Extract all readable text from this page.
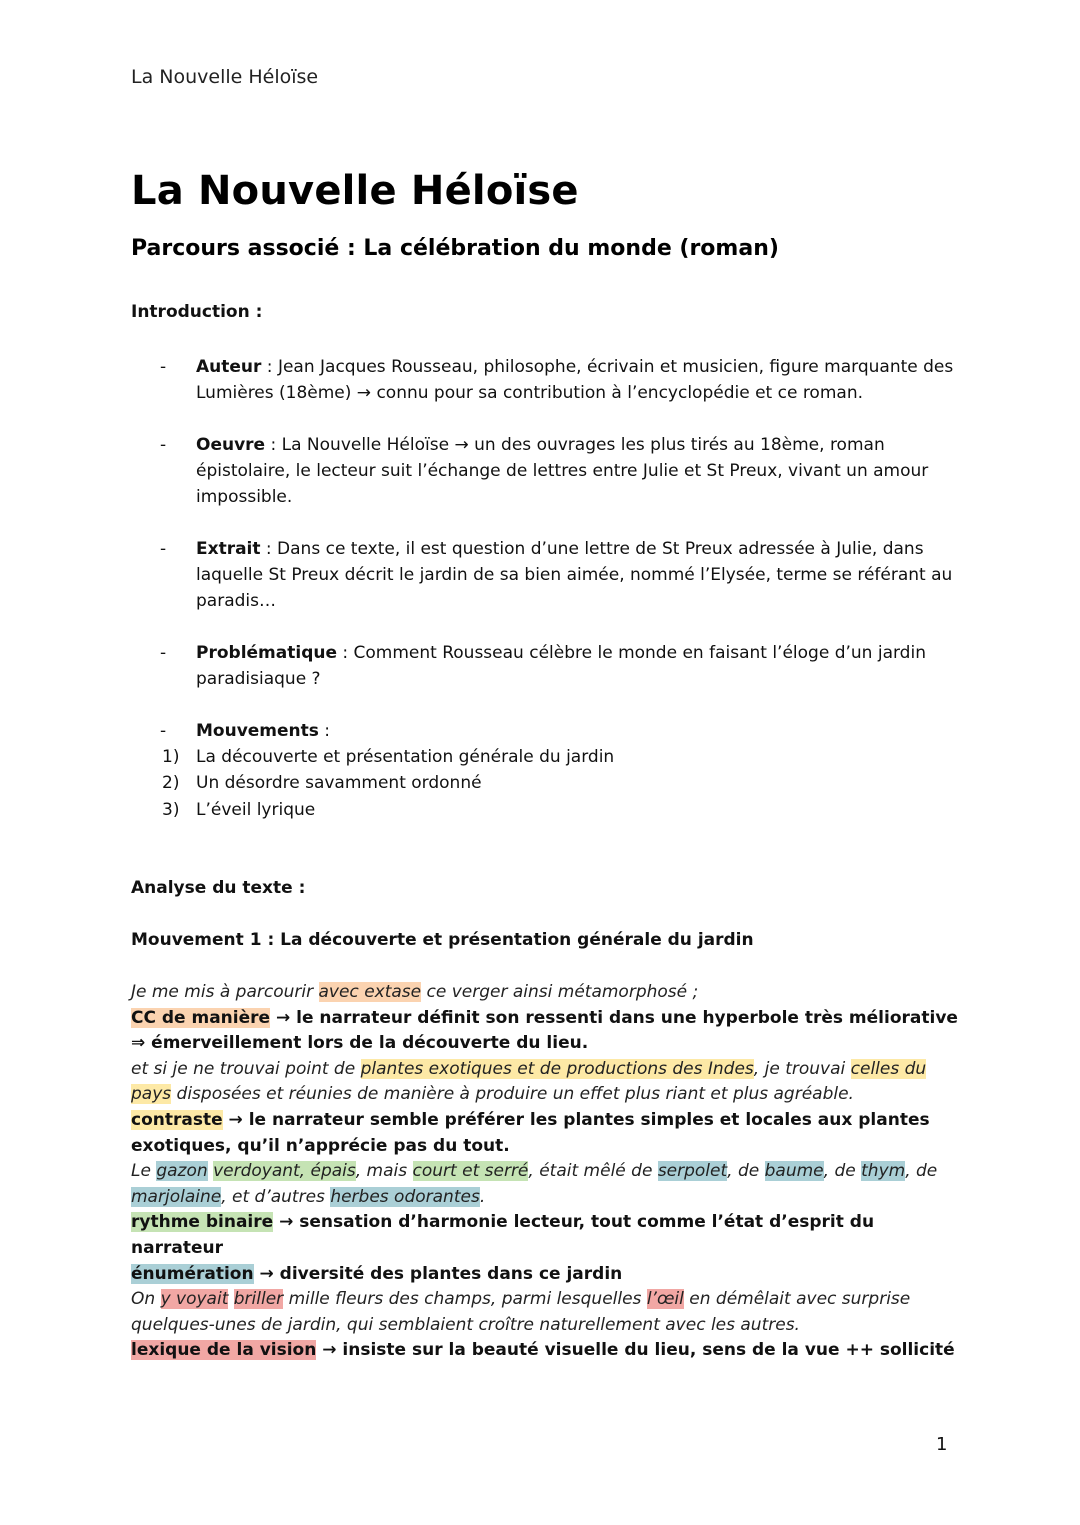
La Nouvelle Héloïse
La Nouvelle Héloïse
Parcours associé : La célébration du monde (roman)
Introduction :
-	Auteur : Jean Jacques Rousseau, philosophe, écrivain et musicien, figure marquante des Lumières (18ème) → connu pour sa contribution à l’encyclopédie et ce roman.
-	Oeuvre : La Nouvelle Héloïse → un des ouvrages les plus tirés au 18ème, roman épistolaire, le lecteur suit l’échange de lettres entre Julie et St Preux, vivant un amour impossible.
-	Extrait : Dans ce texte, il est question d’une lettre de St Preux adressée à Julie, dans laquelle St Preux décrit le jardin de sa bien aimée, nommé l’Elysée, terme se référant au paradis…
-	Problématique : Comment Rousseau célèbre le monde en faisant l’éloge d’un jardin paradisiaque ?
-	Mouvements :
1) La découverte et présentation générale du jardin
2) Un désordre savamment ordonné
3) L’éveil lyrique
Analyse du texte :
Mouvement 1 : La découverte et présentation générale du jardin

Je me mis à parcourir avec extase ce verger ainsi métamorphosé ;

CC de manière → le narrateur définit son ressenti dans une hyperbole très méliorative ⇒ émerveillement lors de la découverte du lieu.

et si je ne trouvai point de plantes exotiques et de productions des Indes, je trouvai celles du pays disposées et réunies de manière à produire un effet plus riant et plus agréable.

contraste → le narrateur semble préférer les plantes simples et locales aux plantes exotiques, qu’il n’apprécie pas du tout.

Le gazon verdoyant, épais, mais court et serré, était mêlé de serpolet, de baume, de thym, de marjolaine, et d’autres herbes odorantes.

rythme binaire → sensation d’harmonie lecteur, tout comme l’état d’esprit du narrateur

énumération → diversité des plantes dans ce jardin

On y voyait briller mille fleurs des champs, parmi lesquelles l’œil en démêlait avec surprise quelques-unes de jardin, qui semblaient croître naturellement avec les autres.

lexique de la vision → insiste sur la beauté visuelle du lieu, sens de la vue ++ sollicité

1
